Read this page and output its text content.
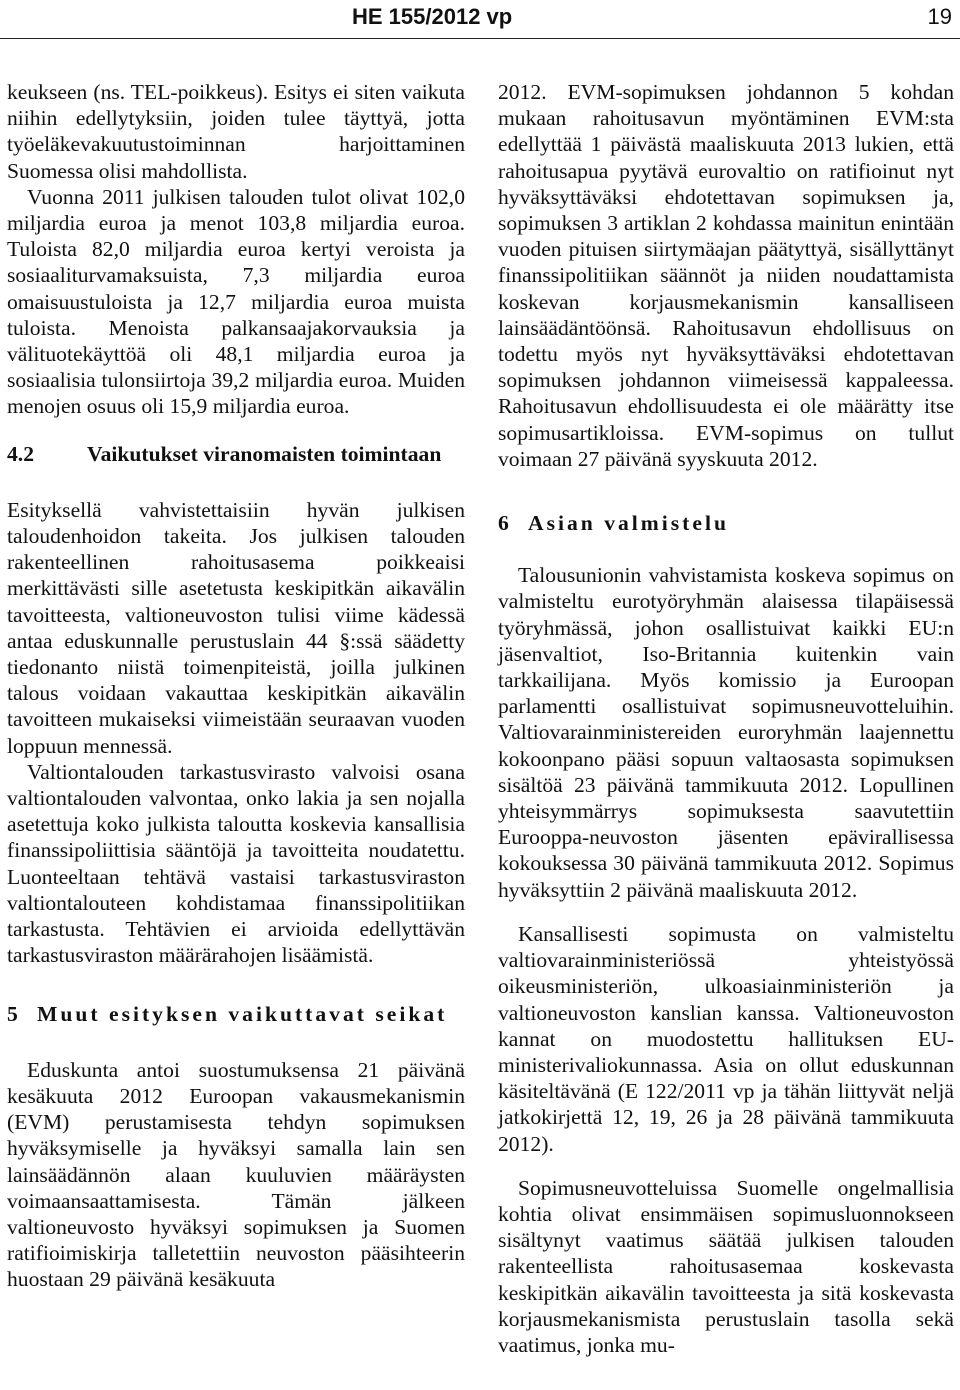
HE 155/2012 vp	19

keukseen (ns. TEL-poikkeus). Esitys ei siten vaikuta niihin edellytyksiin, joiden tulee täyttyä, jotta työeläkevakuutustoiminnan harjoittaminen Suomessa olisi mahdollista.

Vuonna 2011 julkisen talouden tulot olivat 102,0 miljardia euroa ja menot 103,8 miljardia euroa. Tuloista 82,0 miljardia euroa kertyi veroista ja sosiaaliturvamaksuista, 7,3 miljardia euroa omaisuustuloista ja 12,7 miljardia euroa muista tuloista. Menoista palkansaajakorvauksia ja välituotekäyttöä oli 48,1 miljardia euroa ja sosiaalisia tulonsiirtoja 39,2 miljardia euroa. Muiden menojen osuus oli 15,9 miljardia euroa.

4.2 Vaikutukset viranomaisten toimintaan

Esityksellä vahvistettaisiin hyvän julkisen taloudenhoidon takeita. Jos julkisen talouden rakenteellinen rahoitusasema poikkeaisi merkittävästi sille asetetusta keskipitkän aikavälin tavoitteesta, valtioneuvoston tulisi viime kädessä antaa eduskunnalle perustuslain 44 §:ssä säädetty tiedonanto niistä toimenpiteistä, joilla julkinen talous voidaan vakauttaa keskipitkän aikavälin tavoitteen mukaiseksi viimeistään seuraavan vuoden loppuun mennessä.

Valtiontalouden tarkastusvirasto valvoisi osana valtiontalouden valvontaa, onko lakia ja sen nojalla asetettuja koko julkista taloutta koskevia kansallisia finanssipoliittisia sääntöjä ja tavoitteita noudatettu. Luonteeltaan tehtävä vastaisi tarkastusviraston valtiontalouteen kohdistamaa finanssipolitiikan tarkastusta. Tehtävien ei arvioida edellyttävän tarkastusviraston määrärahojen lisäämistä.

5 Muut esityksen vaikuttavat seikat

Eduskunta antoi suostumuksensa 21 päivänä kesäkuuta 2012 Euroopan vakausmekanismin (EVM) perustamisesta tehdyn sopimuksen hyväksymiselle ja hyväksyi samalla lain sen lainsäädännön alaan kuuluvien määräysten voimaansaattamisesta. Tämän jälkeen valtioneuvosto hyväksyi sopimuksen ja Suomen ratifioimiskirja talletettiin neuvoston pääsihteerin huostaan 29 päivänä kesäkuuta

2012. EVM-sopimuksen johdannon 5 kohdan mukaan rahoitusavun myöntäminen EVM:sta edellyttää 1 päivästä maaliskuuta 2013 lukien, että rahoitusapua pyytävä eurovaltio on ratifioinut nyt hyväksyttäväksi ehdotettavan sopimuksen ja, sopimuksen 3 artiklan 2 kohdassa mainitun enintään vuoden pituisen siirtymäajan päätyttyä, sisällyttänyt finanssipolitiikan säännöt ja niiden noudattamista koskevan korjausmekanismin kansalliseen lainsäädäntöönsä. Rahoitusavun ehdollisuus on todettu myös nyt hyväksyttäväksi ehdotettavan sopimuksen johdannon viimeisessä kappaleessa. Rahoitusavun ehdollisuudesta ei ole määrätty itse sopimusartikloissa. EVM-sopimus on tullut voimaan 27 päivänä syyskuuta 2012.

6 Asian valmistelu

Talousunionin vahvistamista koskeva sopimus on valmisteltu eurotyöryhmän alaisessa tilapäisessä työryhmässä, johon osallistuivat kaikki EU:n jäsenvaltiot, Iso-Britannia kuitenkin vain tarkkailijana. Myös komissio ja Euroopan parlamentti osallistuivat sopimusneuvotteluihin. Valtiovarainministereiden euroryhmän laajennettu kokoonpano pääsi sopuun valtaosasta sopimuksen sisältöä 23 päivänä tammikuuta 2012. Lopullinen yhteisymmärrys sopimuksesta saavutettiin Eurooppa-neuvoston jäsenten epävirallisessa kokouksessa 30 päivänä tammikuuta 2012. Sopimus hyväksyttiin 2 päivänä maaliskuuta 2012.

Kansallisesti sopimusta on valmisteltu valtiovarainministeriössä yhteistyössä oikeusministeriön, ulkoasiainministeriön ja valtioneuvoston kanslian kanssa. Valtioneuvoston kannat on muodostettu hallituksen EU-ministerivaliokunnassa. Asia on ollut eduskunnan käsiteltävänä (E 122/2011 vp ja tähän liittyvät neljä jatkokirjettä 12, 19, 26 ja 28 päivänä tammikuuta 2012).

Sopimusneuvotteluissa Suomelle ongelmallisia kohtia olivat ensimmäisen sopimusluonnokseen sisältynyt vaatimus säätää julkisen talouden rakenteellista rahoitusasemaa koskevasta keskipitkän aikavälin tavoitteesta ja sitä koskevasta korjausmekanismista perustuslain tasolla sekä vaatimus, jonka mu-
